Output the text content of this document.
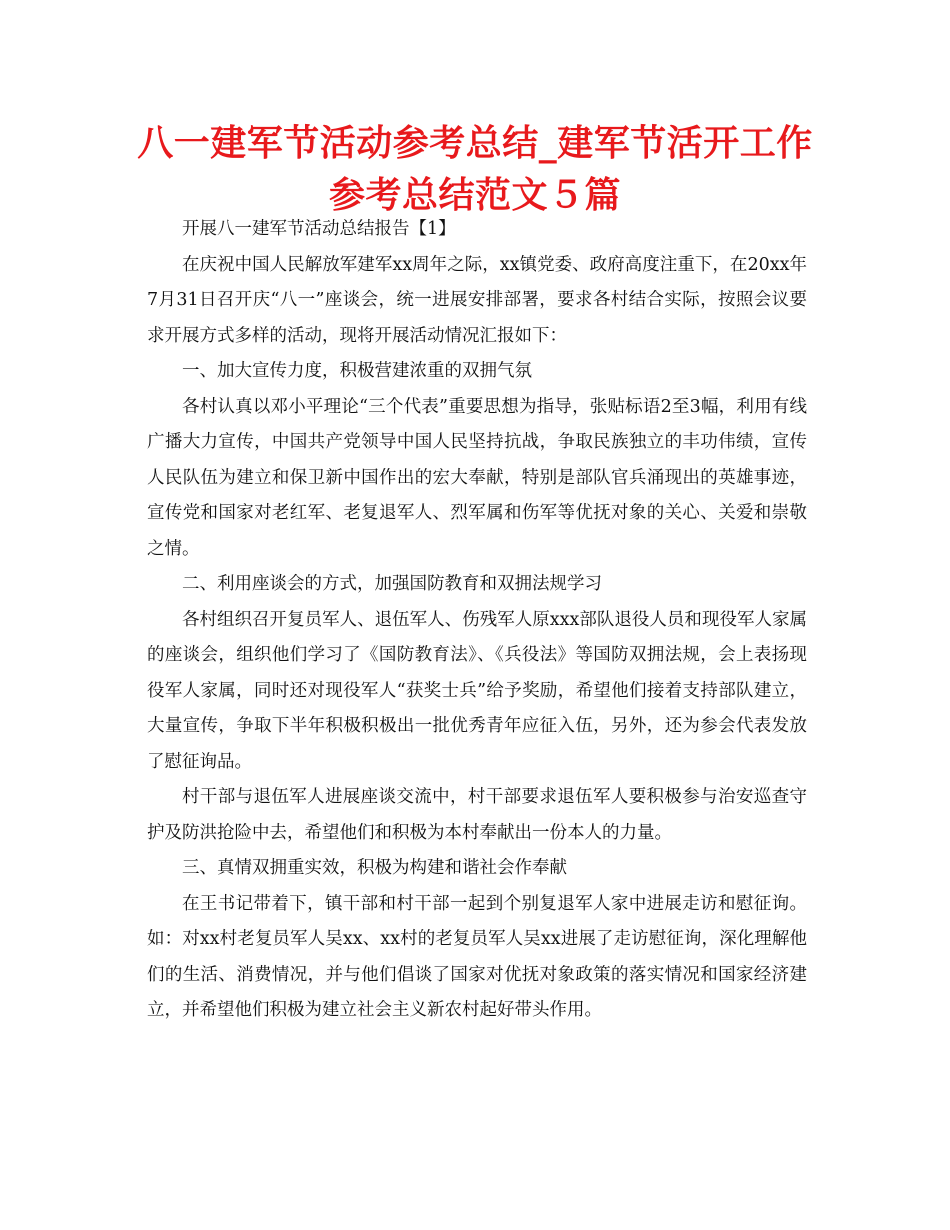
八一建军节活动参考总结_建军节活开工作参考总结范文５篇

开展八一建军节活动总结报告【1】

在庆祝中国人民解放军建军xx周年之际，xx镇党委、政府高度注重下，在20xx年7月31日召开庆“八一”座谈会，统一进展安排部署，要求各村结合实际，按照会议要求开展方式多样的活动，现将开展活动情况汇报如下：

一、加大宣传力度，积极营建浓重的双拥气氛

各村认真以邓小平理论“三个代表”重要思想为指导，张贴标语2至3幅，利用有线广播大力宣传，中国共产党领导中国人民坚持抗战，争取民族独立的丰功伟绩，宣传人民队伍为建立和保卫新中国作出的宏大奉献，特别是部队官兵涌现出的英雄事迹，宣传党和国家对老红军、老复退军人、烈军属和伤军等优抚对象的关心、关爱和崇敬之情。

二、利用座谈会的方式，加强国防教育和双拥法规学习

各村组织召开复员军人、退伍军人、伤残军人原xxx部队退役人员和现役军人家属的座谈会，组织他们学习了《国防教育法》、《兵役法》等国防双拥法规，会上表扬现役军人家属，同时还对现役军人“获奖士兵”给予奖励，希望他们接着支持部队建立，大量宣传，争取下半年积极积极出一批优秀青年应征入伍，另外，还为参会代表发放了慰征询品。

村干部与退伍军人进展座谈交流中，村干部要求退伍军人要积极参与治安巡查守护及防洪抢险中去，希望他们和积极为本村奉献出一份本人的力量。

三、真情双拥重实效，积极为构建和谐社会作奉献

在王书记带着下，镇干部和村干部一起到个别复退军人家中进展走访和慰征询。如：对xx村老复员军人吴xx、xx村的老复员军人吴xx进展了走访慰征询，深化理解他们的生活、消费情况，并与他们倡谈了国家对优抚对象政策的落实情况和国家经济建立，并希望他们积极为建立社会主义新农村起好带头作用。
